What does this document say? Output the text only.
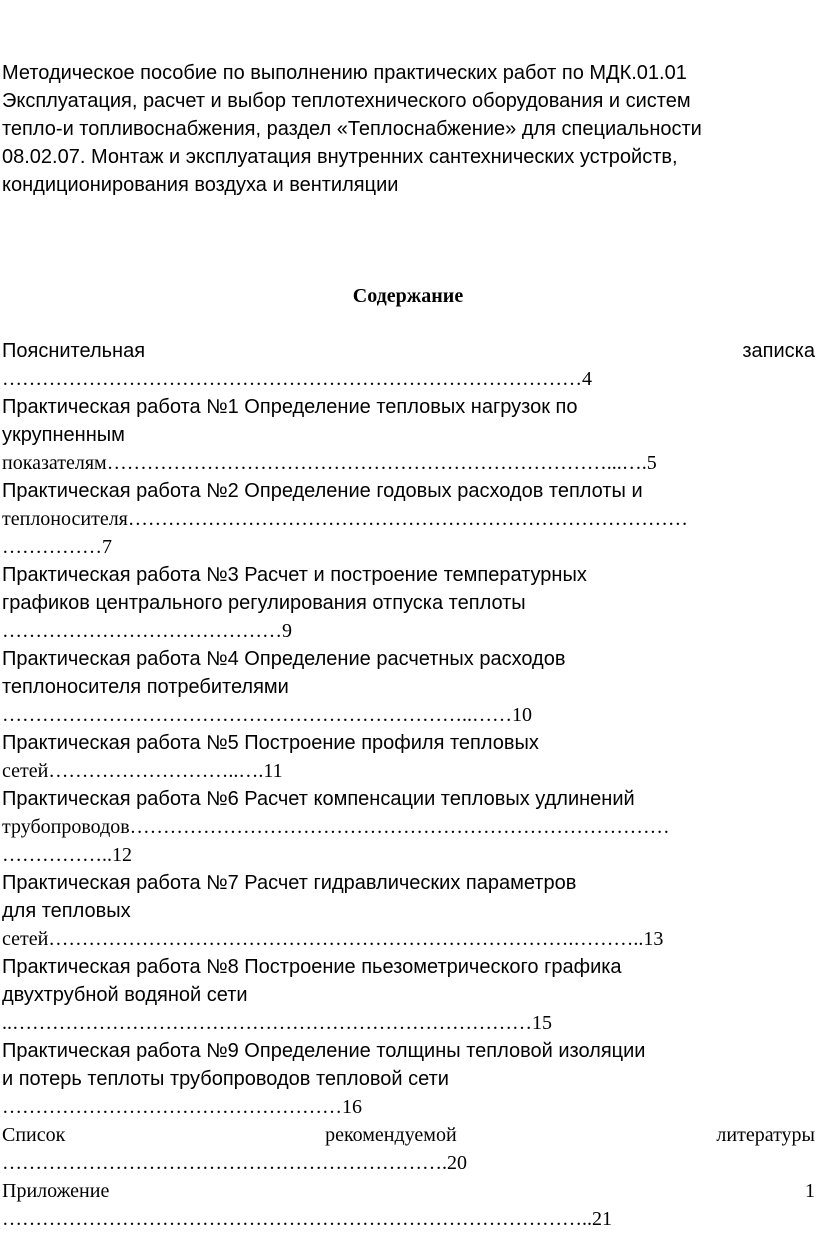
Методическое пособие по выполнению практических работ по МДК.01.01
Эксплуатация, расчет и выбор теплотехнического оборудования и систем
тепло-и топливоснабжения, раздел «Теплоснабжение» для специальности
08.02.07. Монтаж и эксплуатация внутренних сантехнических устройств,
кондиционирования воздуха и вентиляции
Содержание
Пояснительная	записка
……………………………………………………………………………4
Практическая работа №1 Определение тепловых нагрузок по
укрупненным
показателям…………………………………………………………………...….5
Практическая работа №2 Определение годовых расходов теплоты и
теплоносителя…………………………………………………………………………
……………7
Практическая работа №3 Расчет и построение температурных
графиков центрального регулирования отпуска теплоты
……………………………………9
Практическая работа №4 Определение расчетных расходов
теплоносителя потребителями
……………………………………………………………..……10
Практическая работа №5 Построение профиля тепловых
сетей………………………..….11
Практическая работа №6 Расчет компенсации тепловых удлинений
трубопроводов………………………………………………………………………
……………..12
Практическая работа №7 Расчет гидравлических параметров
для тепловых
сетей…………………………………………………………………….………..13
Практическая работа №8 Построение пьезометрического графика
двухтрубной водяной сети
..……………………………………………………………………15
Практическая работа №9 Определение толщины тепловой изоляции
и потерь теплоты трубопроводов тепловой сети
……………………………………………16
Список	рекомендуемой	литературы
………………………………………………………….20
Приложение	1
……………………………………………………………………………..21
